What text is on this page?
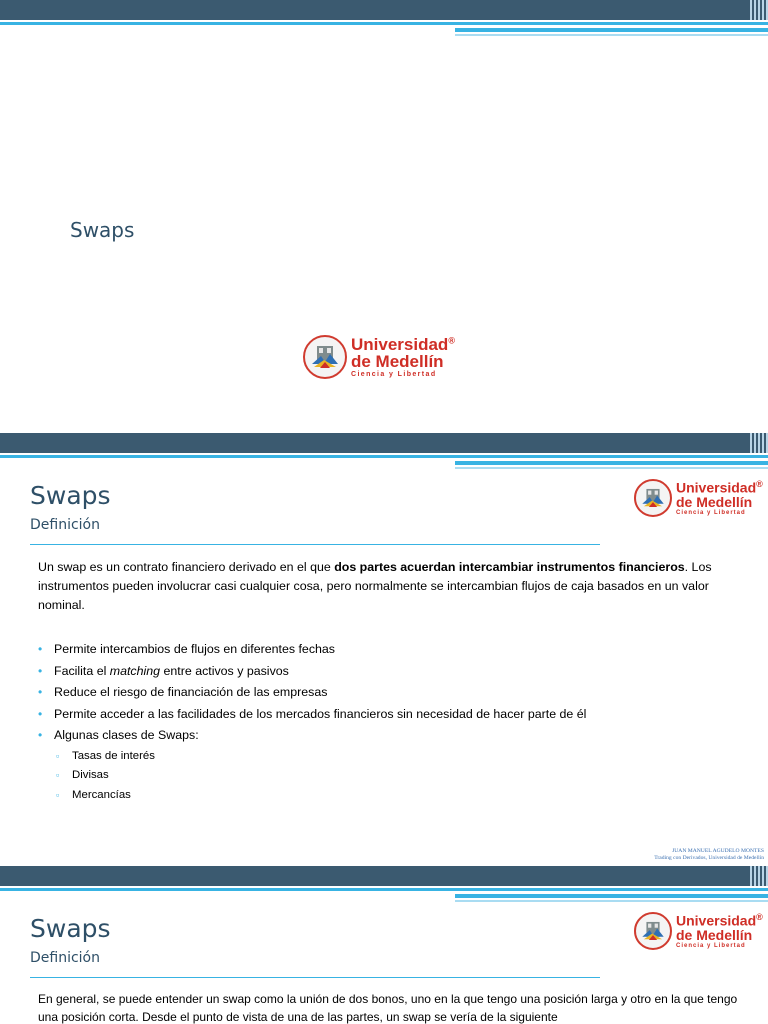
Swaps
Universidad®
de Medellín
Ciencia y Libertad
Swaps
Definición
Universidad®
de Medellín
Ciencia y Libertad
Un swap es un contrato financiero derivado en el que dos partes acuerdan intercambiar instrumentos financieros. Los instrumentos pueden involucrar casi cualquier cosa, pero normalmente se intercambian flujos de caja basados en un valor nominal.
• Permite intercambios de flujos en diferentes fechas
• Facilita el matching entre activos y pasivos
• Reduce el riesgo de financiación de las empresas
• Permite acceder a las facilidades de los mercados financieros sin necesidad de hacer parte de él
• Algunas clases de Swaps:
▫ Tasas de interés
▫ Divisas
▫ Mercancías
JUAN MANUEL AGUDELO MONTES
Trading con Derivados, Universidad de Medellín
Swaps
Definición
Universidad®
de Medellín
Ciencia y Libertad
En general, se puede entender un swap como la unión de dos bonos, uno en la que tengo una posición larga y otro en la que tengo una posición corta. Desde el punto de vista de una de las partes, un swap se vería de la siguiente
